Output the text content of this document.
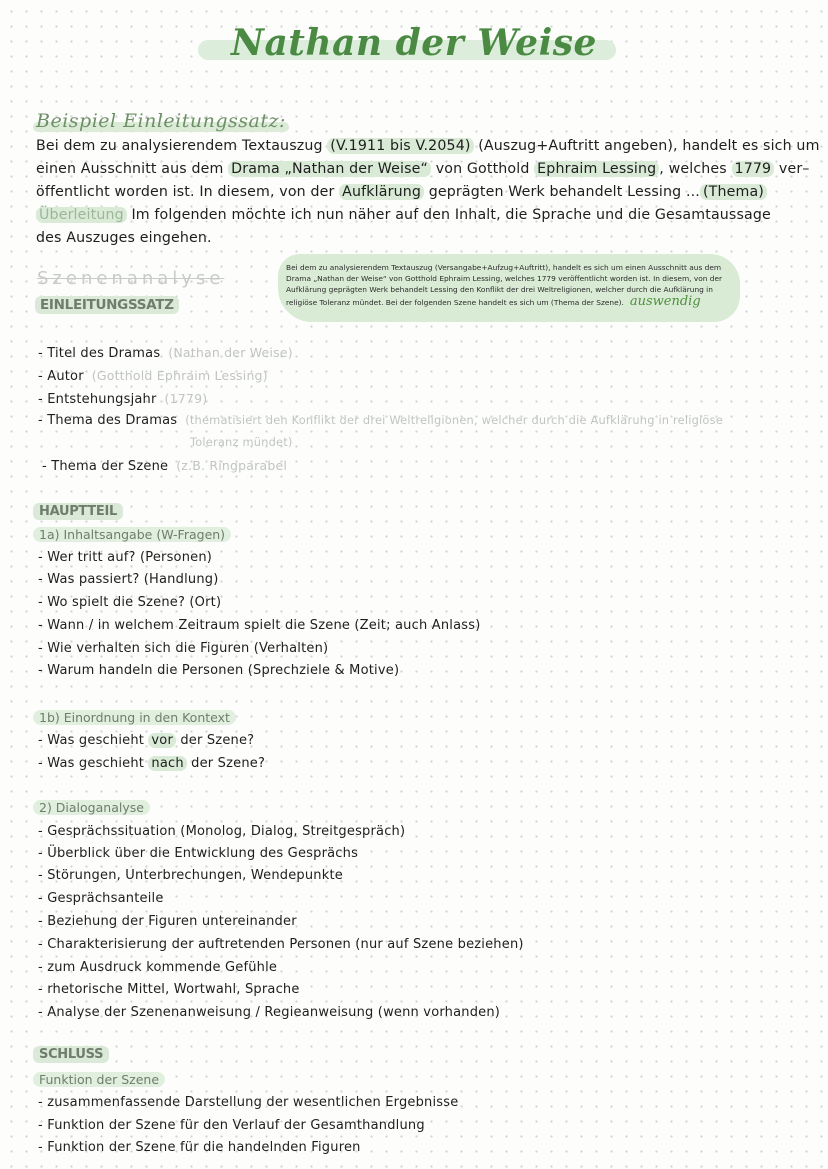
Nathan der Weise
Beispiel Einleitungssatz:
Bei dem zu analysierendem Textauszug (V.1911 bis V.2054) (Auszug+Auftritt angeben), handelt es sich um
einen Ausschnitt aus dem Drama „Nathan der Weise“ von Gotthold Ephraim Lessing , welches 1779 ver–
öffentlicht worden ist. In diesem, von der Aufklärung geprägten Werk behandelt Lessing ... (Thema)
Überleitung Im folgenden möchte ich nun näher auf den Inhalt, die Sprache und die Gesamtaussage
des Auszuges eingehen.
Szenenanalyse
EINLEITUNGSSATZ
Bei dem zu analysierendem Textauszug (Versangabe+Aufzug+Auftritt), handelt es sich um einen Ausschnitt aus dem Drama „Nathan der Weise“ von Gotthold Ephraim Lessing, welches 1779 veröffentlicht worden ist. In diesem, von der Aufklärung geprägten Werk behandelt Lessing den Konflikt der drei Weltreligionen, welcher durch die Aufklärung in religiöse Toleranz mündet. Bei der folgenden Szene handelt es sich um (Thema der Szene). auswendig
- Titel des Dramas (Nathan der Weise)
- Autor (Gotthold Ephraim Lessing)
- Entstehungsjahr (1779)
- Thema des Dramas (thematisiert den Konflikt der drei Weltreligionen, welcher durch die Aufklärung in religiöse
Toleranz mündet)
- Thema der Szene (z.B. Ringparabel
HAUPTTEIL
1a) Inhaltsangabe (W-Fragen)
- Wer tritt auf? (Personen)
- Was passiert? (Handlung)
- Wo spielt die Szene? (Ort)
- Wann / in welchem Zeitraum spielt die Szene (Zeit; auch Anlass)
- Wie verhalten sich die Figuren (Verhalten)
- Warum handeln die Personen (Sprechziele & Motive)
1b) Einordnung in den Kontext
- Was geschieht vor der Szene?
- Was geschieht nach der Szene?
2) Dialoganalyse
- Gesprächssituation (Monolog, Dialog, Streitgespräch)
- Überblick über die Entwicklung des Gesprächs
- Störungen, Unterbrechungen, Wendepunkte
- Gesprächsanteile
- Beziehung der Figuren untereinander
- Charakterisierung der auftretenden Personen (nur auf Szene beziehen)
- zum Ausdruck kommende Gefühle
- rhetorische Mittel, Wortwahl, Sprache
- Analyse der Szenenanweisung / Regieanweisung (wenn vorhanden)
SCHLUSS
Funktion der Szene
- zusammenfassende Darstellung der wesentlichen Ergebnisse
- Funktion der Szene für den Verlauf der Gesamthandlung
- Funktion der Szene für die handelnden Figuren
